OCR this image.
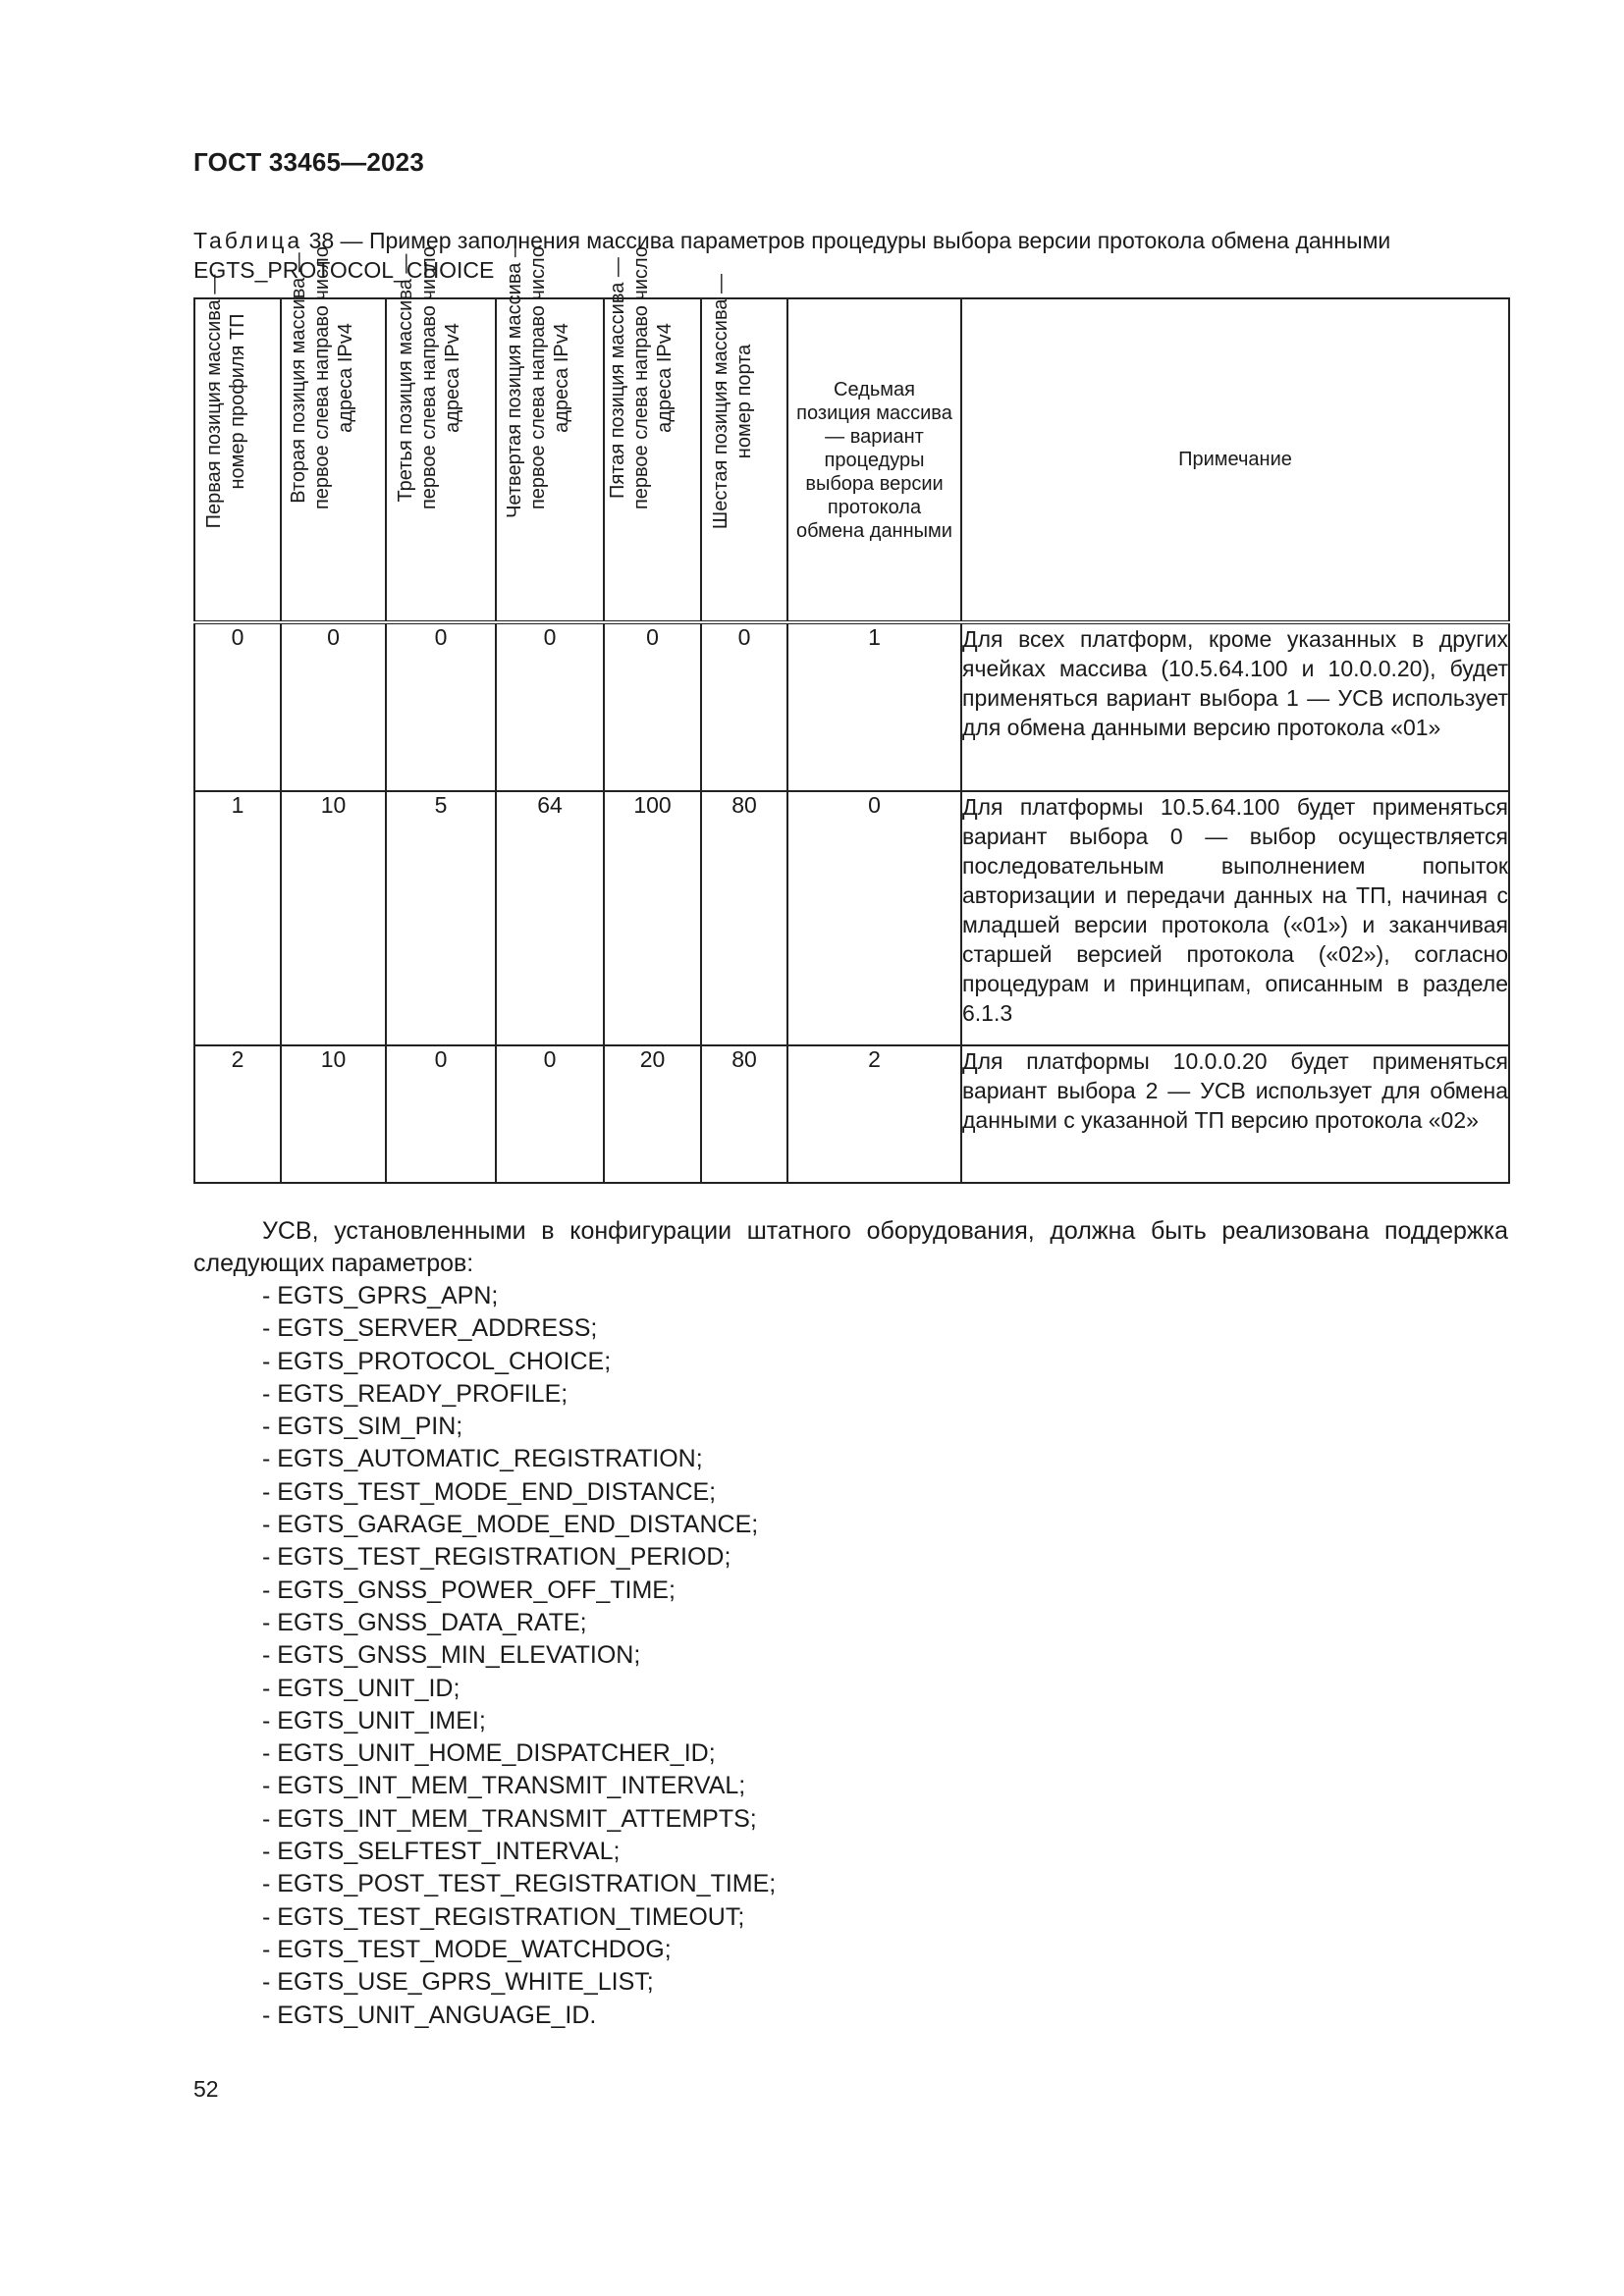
ГОСТ 33465—2023
Таблица 38 — Пример заполнения массива параметров процедуры выбора версии протокола обмена данными EGTS_PROTOCOL_CHOICE
Первая позиция массива — номер профиля ТП	Вторая позиция массива — первое слева направо число адреса IPv4	Третья позиция массива — первое слева направо число адреса IPv4	Четвертая позиция массива — первое слева направо число адреса IPv4	Пятая позиция массива — первое слева направо число адреса IPv4	Шестая позиция массива — номер порта	Седьмая позиция массива — вариант процедуры выбора версии протокола обмена данными	Примечание

0	0	0	0	0	0	1	Для всех платформ, кроме указанных в других ячейках массива (10.5.64.100 и 10.0.0.20), будет применяться вариант выбора 1 — УСВ использует для обмена данными версию протокола «01»
1	10	5	64	100	80	0	Для платформы 10.5.64.100 будет применяться вариант выбора 0 — выбор осуществляется последовательным выполнением попыток авторизации и передачи данных на ТП, начиная с младшей версии протокола («01») и заканчивая старшей версией протокола («02»), согласно процедурам и принципам, описанным в разделе 6.1.3
2	10	0	0	20	80	2	Для платформы 10.0.0.20 будет применяться вариант выбора 2 — УСВ использует для обмена данными с указанной ТП версию протокола «02»

УСВ, установленными в конфигурации штатного оборудования, должна быть реализована поддержка следующих параметров:

- EGTS_GPRS_APN;
- EGTS_SERVER_ADDRESS;
- EGTS_PROTOCOL_CHOICE;
- EGTS_READY_PROFILE;
- EGTS_SIM_PIN;
- EGTS_AUTOMATIC_REGISTRATION;
- EGTS_TEST_MODE_END_DISTANCE;
- EGTS_GARAGE_MODE_END_DISTANCE;
- EGTS_TEST_REGISTRATION_PERIOD;
- EGTS_GNSS_POWER_OFF_TIME;
- EGTS_GNSS_DATA_RATE;
- EGTS_GNSS_MIN_ELEVATION;
- EGTS_UNIT_ID;
- EGTS_UNIT_IMEI;
- EGTS_UNIT_HOME_DISPATCHER_ID;
- EGTS_INT_MEM_TRANSMIT_INTERVAL;
- EGTS_INT_MEM_TRANSMIT_ATTEMPTS;
- EGTS_SELFTEST_INTERVAL;
- EGTS_POST_TEST_REGISTRATION_TIME;
- EGTS_TEST_REGISTRATION_TIMEOUT;
- EGTS_TEST_MODE_WATCHDOG;
- EGTS_USE_GPRS_WHITE_LIST;
- EGTS_UNIT_ANGUAGE_ID.
52
